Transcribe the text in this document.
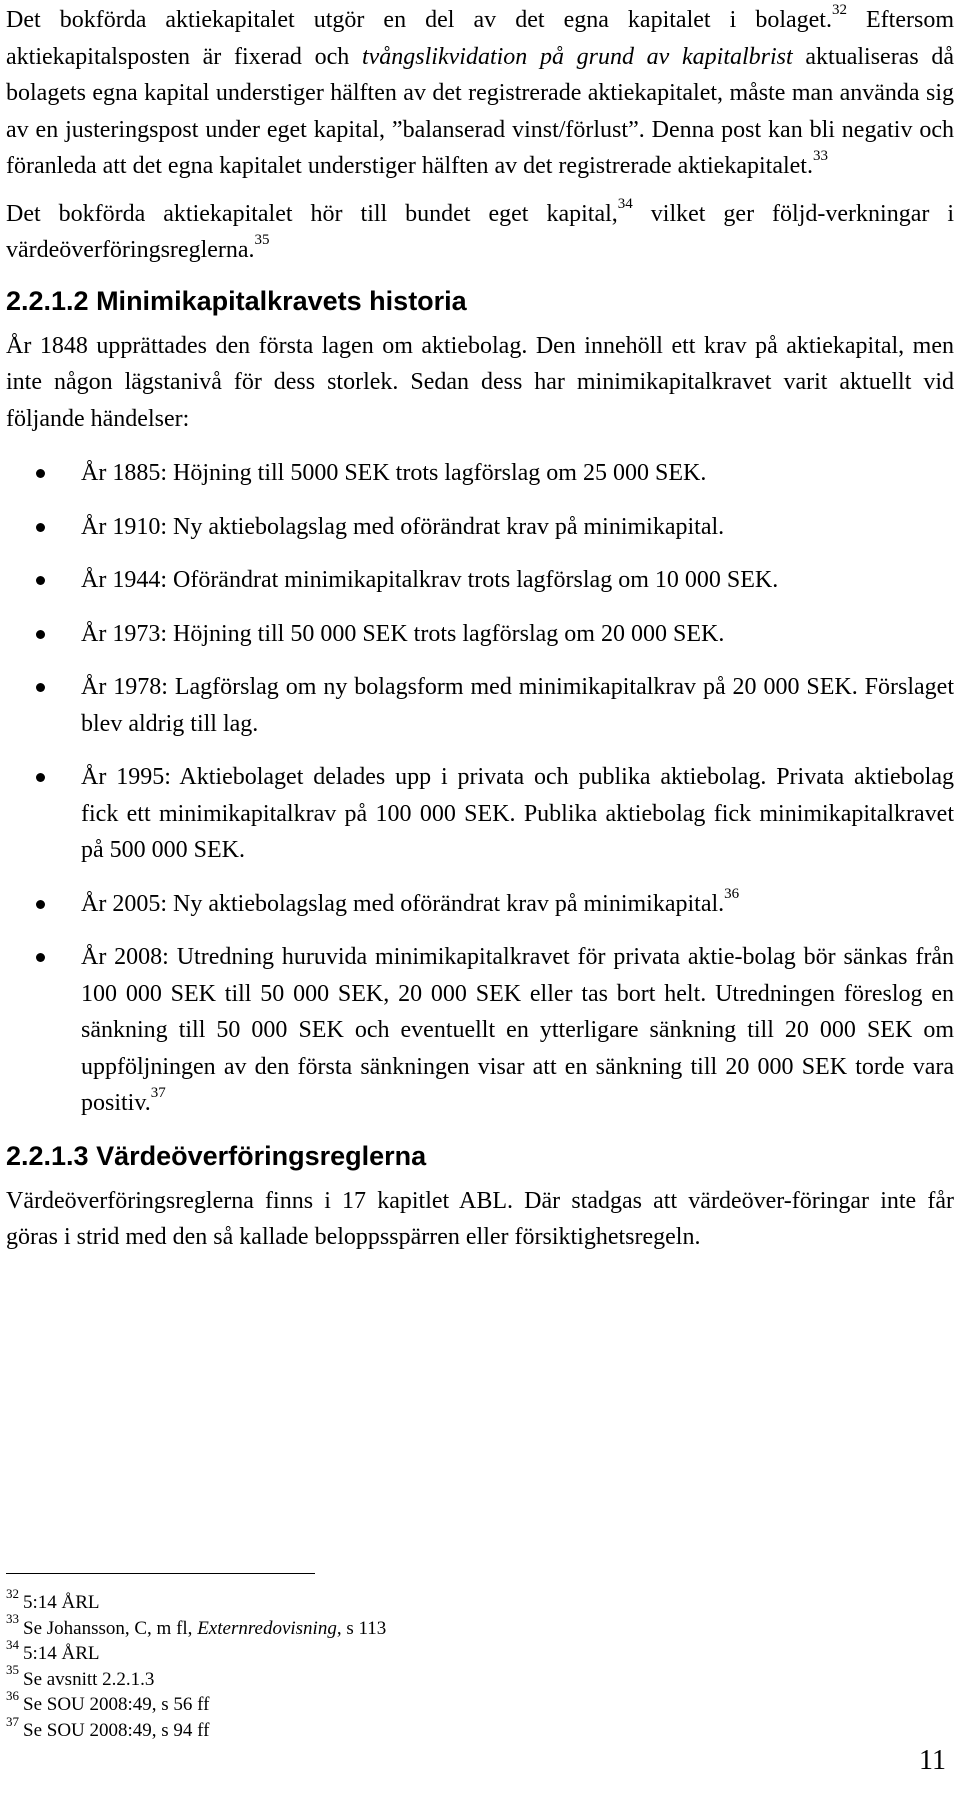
Det bokförda aktiekapitalet utgör en del av det egna kapitalet i bolaget.$^{32}$ Eftersom aktiekapitalsposten är fixerad och tvångslikvidation på grund av kapitalbrist aktualiseras då bolagets egna kapital understiger hälften av det registrerade aktiekapitalet, måste man använda sig av en justeringspost under eget kapital, ”balanserad vinst/förlust”. Denna post kan bli negativ och föranleda att det egna kapitalet understiger hälften av det registrerade aktiekapitalet.$^{33}$

Det bokförda aktiekapitalet hör till bundet eget kapital,$^{34}$ vilket ger följd-verkningar i värdeöverföringsreglerna.$^{35}$

2.2.1.2 Minimikapitalkravets historia

År 1848 upprättades den första lagen om aktiebolag. Den innehöll ett krav på aktiekapital, men inte någon lägstanivå för dess storlek. Sedan dess har minimikapitalkravet varit aktuellt vid följande händelser:

År 1885: Höjning till 5000 SEK trots lagförslag om 25 000 SEK.
År 1910: Ny aktiebolagslag med oförändrat krav på minimikapital.
År 1944: Oförändrat minimikapitalkrav trots lagförslag om 10 000 SEK.
År 1973: Höjning till 50 000 SEK trots lagförslag om 20 000 SEK.
År 1978: Lagförslag om ny bolagsform med minimikapitalkrav på 20 000 SEK. Förslaget blev aldrig till lag.
År 1995: Aktiebolaget delades upp i privata och publika aktiebolag. Privata aktiebolag fick ett minimikapitalkrav på 100 000 SEK. Publika aktiebolag fick minimikapitalkravet på 500 000 SEK.
År 2005: Ny aktiebolagslag med oförändrat krav på minimikapital.$^{36}$
År 2008: Utredning huruvida minimikapitalkravet för privata aktie-bolag bör sänkas från 100 000 SEK till 50 000 SEK, 20 000 SEK eller tas bort helt. Utredningen föreslog en sänkning till 50 000 SEK och eventuellt en ytterligare sänkning till 20 000 SEK om uppföljningen av den första sänkningen visar att en sänkning till 20 000 SEK torde vara positiv.$^{37}$
2.2.1.3 Värdeöverföringsreglerna

Värdeöverföringsreglerna finns i 17 kapitlet ABL. Där stadgas att värdeöver-föringar inte får göras i strid med den så kallade beloppsspärren eller försiktighetsregeln.

$^{32}$ 5:14 ÅRL
$^{33}$ Se Johansson, C, m fl, Externredovisning, s 113
$^{34}$ 5:14 ÅRL
$^{35}$ Se avsnitt 2.2.1.3
$^{36}$ Se SOU 2008:49, s 56 ff
$^{37}$ Se SOU 2008:49, s 94 ff
11
